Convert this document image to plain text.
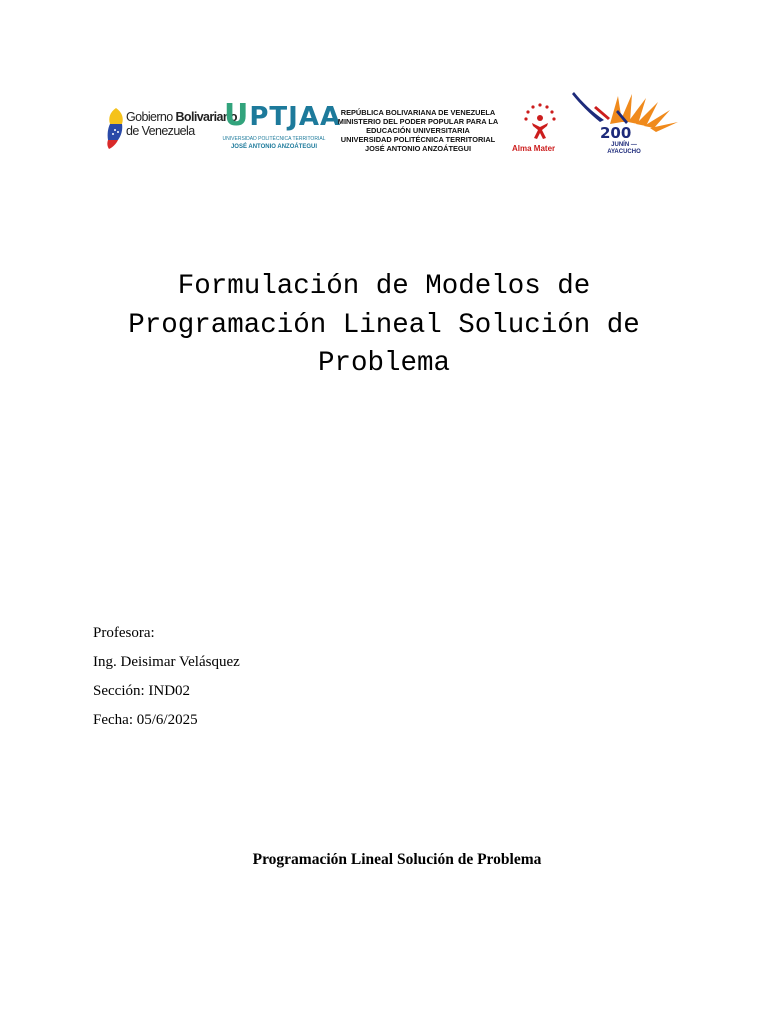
Gobierno Bolivariano
de Venezuela UPTJAA
UNIVERSIDAD POLITÉCNICA TERRITORIAL
JOSÉ ANTONIO ANZOÁTEGUI
REPÚBLICA BOLIVARIANA DE VENEZUELA
MINISTERIO DEL PODER POPULAR PARA LA
EDUCACIÓN UNIVERSITARIA
UNIVERSIDAD POLITÉCNICA TERRITORIAL
JOSÉ ANTONIO ANZOÁTEGUI	Alma Mater
200
JUNÍN —
AYACUCHO
Formulación de Modelos de
Programación Lineal Solución de
Problema
Profesora:
Ing. Deisimar Velásquez
Sección: IND02
Fecha: 05/6/2025
Programación Lineal Solución de Problema
